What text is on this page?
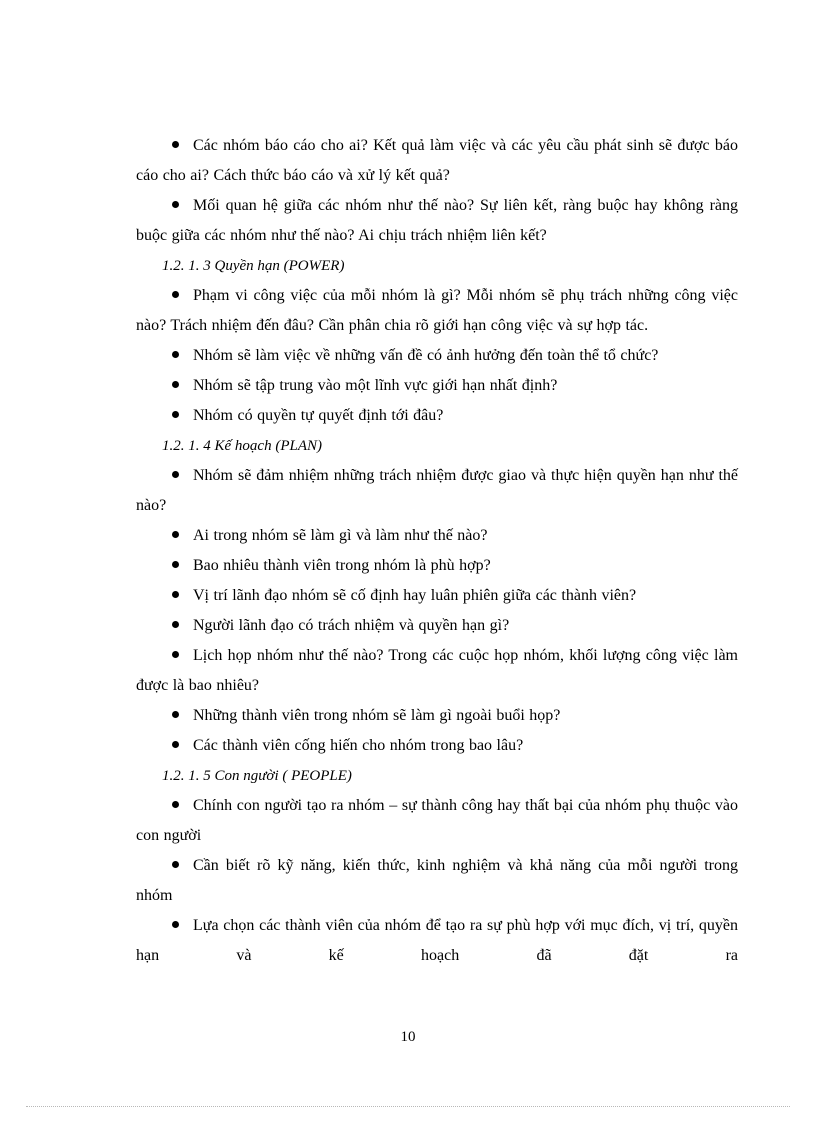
Các nhóm báo cáo cho ai? Kết quả làm việc và các yêu cầu phát sinh sẽ được báo cáo cho ai? Cách thức báo cáo và xử lý kết quả?

Mối quan hệ giữa các nhóm như thế nào? Sự liên kết, ràng buộc hay không ràng buộc giữa các nhóm như thế nào? Ai chịu trách nhiệm liên kết?

1.2. 1. 3 Quyền hạn (POWER)

Phạm vi công việc của mỗi nhóm là gì? Mỗi nhóm sẽ phụ trách những công việc nào? Trách nhiệm đến đâu? Cần phân chia rõ giới hạn công việc và sự hợp tác.

Nhóm sẽ làm việc về những vấn đề có ảnh hưởng đến toàn thể tổ chức?

Nhóm sẽ tập trung vào một lĩnh vực giới hạn nhất định?

Nhóm có quyền tự quyết định tới đâu?

1.2. 1. 4 Kế hoạch (PLAN)

Nhóm sẽ đảm nhiệm những trách nhiệm được giao và thực hiện quyền hạn như thế nào?

Ai trong nhóm sẽ làm gì và làm như thế nào?

Bao nhiêu thành viên trong nhóm là phù hợp?

Vị trí lãnh đạo nhóm sẽ cố định hay luân phiên giữa các thành viên?

Người lãnh đạo có trách nhiệm và quyền hạn gì?

Lịch họp nhóm như thế nào? Trong các cuộc họp nhóm, khối lượng công việc làm được là bao nhiêu?

Những thành viên trong nhóm sẽ làm gì ngoài buổi họp?

Các thành viên cống hiến cho nhóm trong bao lâu?

1.2. 1. 5 Con người ( PEOPLE)

Chính con người tạo ra nhóm – sự thành công hay thất bại của nhóm phụ thuộc vào con người

Cần biết rõ kỹ năng, kiến thức, kinh nghiệm và khả năng của mỗi người trong nhóm

Lựa chọn các thành viên của nhóm để tạo ra sự phù hợp với mục đích, vị trí, quyền hạn và kế hoạch đã đặt ra

10
